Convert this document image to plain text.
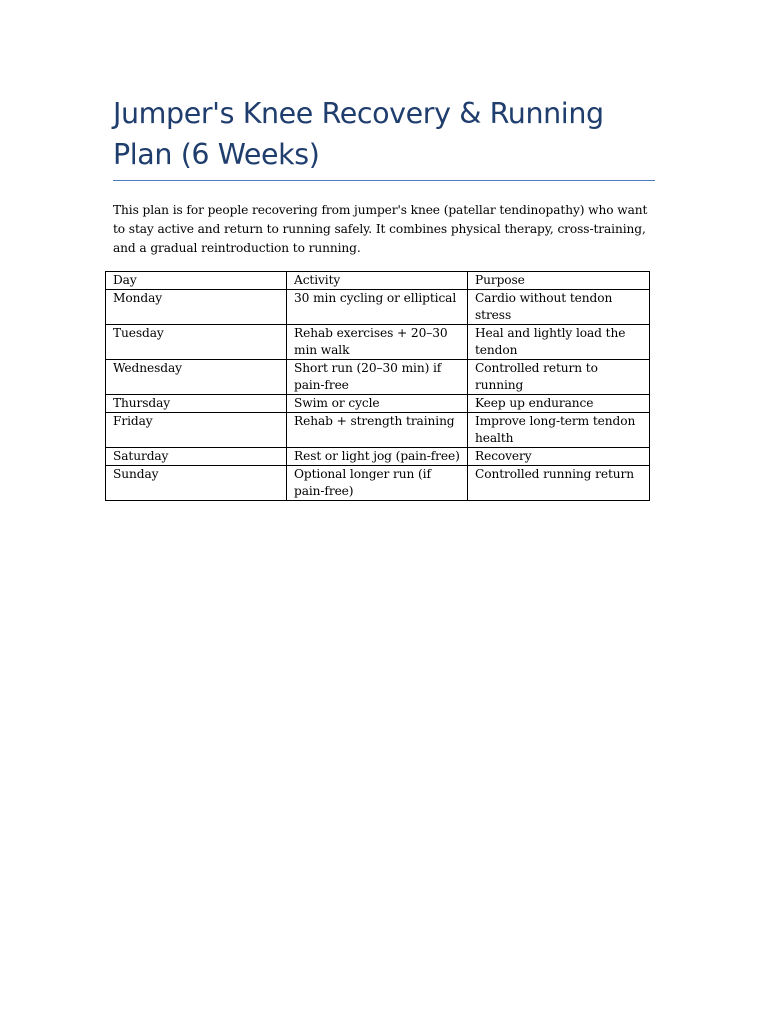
Jumper's Knee Recovery & Running Plan (6 Weeks)

This plan is for people recovering from jumper's knee (patellar tendinopathy) who want to stay active and return to running safely. It combines physical therapy, cross-training, and a gradual reintroduction to running.

Day	Activity	Purpose
Monday	30 min cycling or elliptical	Cardio without tendon stress
Tuesday	Rehab exercises + 20–30 min walk	Heal and lightly load the tendon
Wednesday	Short run (20–30 min) if pain-free	Controlled return to running
Thursday	Swim or cycle	Keep up endurance
Friday	Rehab + strength training	Improve long-term tendon health
Saturday	Rest or light jog (pain-free)	Recovery
Sunday	Optional longer run (if pain-free)	Controlled running return
